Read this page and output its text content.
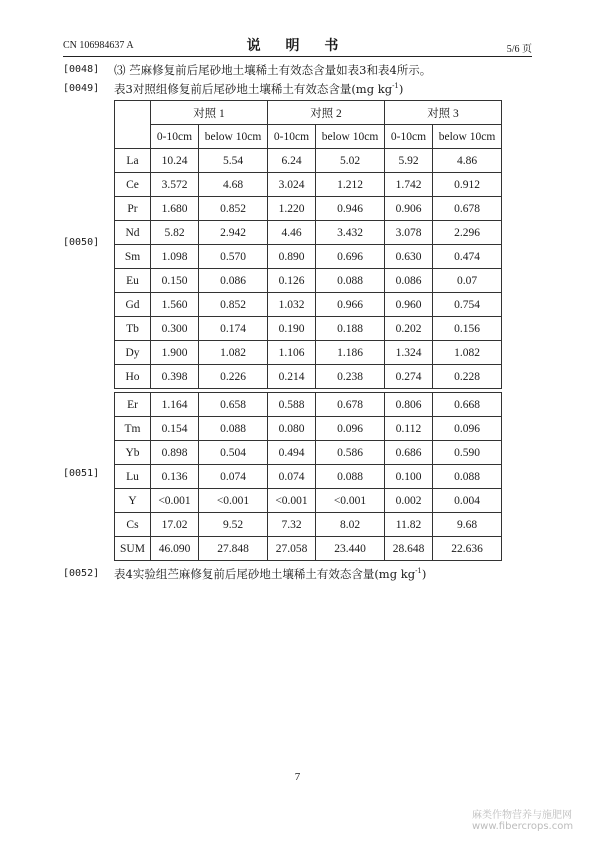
CN 106984637 A	说 明 书	5/6 页
[0048] ⑶ 苎麻修复前后尾砂地土壤稀土有效态含量如表3和表4所示。
[0049] 表3对照组修复前后尾砂地土壤稀土有效态含量(mg $kg^{-1}$)
[0050]
[0051]
	对照 1		对照 2		对照 3	
	0-10cm	below 10cm	0-10cm	below 10cm	0-10cm	below 10cm
La	10.24	5.54	6.24	5.02	5.92	4.86
Ce	3.572	4.68	3.024	1.212	1.742	0.912
Pr	1.680	0.852	1.220	0.946	0.906	0.678
Nd	5.82	2.942	4.46	3.432	3.078	2.296
Sm	1.098	0.570	0.890	0.696	0.630	0.474
Eu	0.150	0.086	0.126	0.088	0.086	0.07
Gd	1.560	0.852	1.032	0.966	0.960	0.754
Tb	0.300	0.174	0.190	0.188	0.202	0.156
Dy	1.900	1.082	1.106	1.186	1.324	1.082
Ho	0.398	0.226	0.214	0.238	0.274	0.228
Er	1.164	0.658	0.588	0.678	0.806	0.668
Tm	0.154	0.088	0.080	0.096	0.112	0.096
Yb	0.898	0.504	0.494	0.586	0.686	0.590
Lu	0.136	0.074	0.074	0.088	0.100	0.088
Y	<0.001	<0.001	<0.001	<0.001	0.002	0.004
Cs	17.02	9.52	7.32	8.02	11.82	9.68
SUM	46.090	27.848	27.058	23.440	28.648	22.636
[0052] 表4实验组苎麻修复前后尾砂地土壤稀土有效态含量(mg $kg^{-1}$)
7
麻类作物营养与施肥网
www.fibercrops.com
